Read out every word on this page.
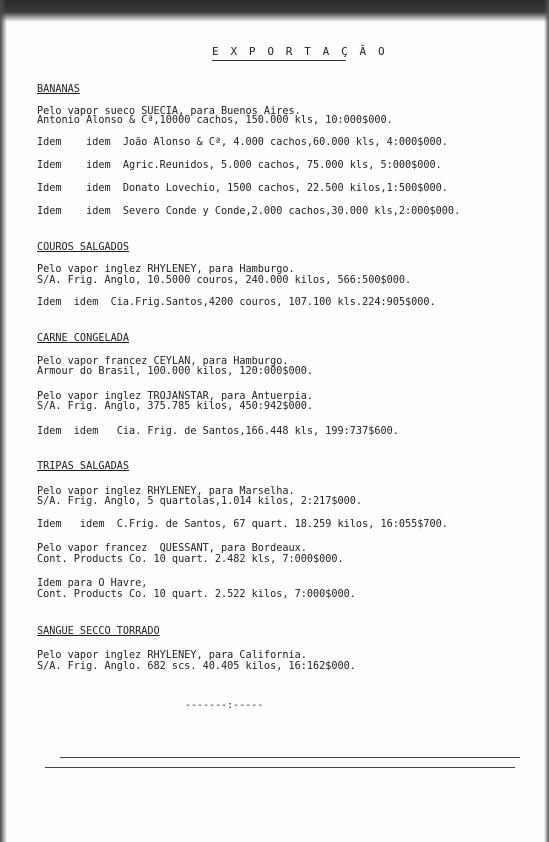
E X P O R T A Ç Ã O
BANANAS
Pelo vapor sueco SUECIA, para Buenos Aires.
Antonio Alonso & Cª,10000 cachos, 150.000 kls, 10:000$000.
Idem    idem  João Alonso & Cª, 4.000 cachos,60.000 kls, 4:000$000.
Idem    idem  Agric.Reunidos, 5.000 cachos, 75.000 kls, 5:000$000.
Idem    idem  Donato Lovechio, 1500 cachos, 22.500 kilos,1:500$000.
Idem    idem  Severo Conde y Conde,2.000 cachos,30.000 kls,2:000$000.
COUROS SALGADOS
Pelo vapor inglez RHYLENEY, para Hamburgo.
S/A. Frig. Anglo, 10.5000 couros, 240.000 kilos, 566:500$000.
Idem  idem  Cia.Frig.Santos,4200 couros, 107.100 kls.224:905$000.
CARNE CONGELADA
Pelo vapor francez CEYLAN, para Hamburgo.
Armour do Brasil, 100.000 kilos, 120:000$000.
Pelo vapor inglez TROJANSTAR, para Antuerpia.
S/A. Frig. Anglo, 375.785 kilos, 450:942$000.
Idem  idem   Cia. Frig. de Santos,166.448 kls, 199:737$600.
TRIPAS SALGADAS
Pelo vapor inglez RHYLENEY, para Marselha.
S/A. Frig. Anglo, 5 quartolas,1.014 kilos, 2:217$000.
Idem   idem  C.Frig. de Santos, 67 quart. 18.259 kilos, 16:055$700.
Pelo vapor francez  QUESSANT, para Bordeaux.
Cont. Products Co. 10 quart. 2.482 kls, 7:000$000.
Idem para O Havre,
Cont. Products Co. 10 quart. 2.522 kilos, 7:000$000.
SANGUE SECCO TORRADO
Pelo vapor inglez RHYLENEY, para California.
S/A. Frig. Anglo. 682 scs. 40.405 kilos, 16:162$000.
-------:-----
